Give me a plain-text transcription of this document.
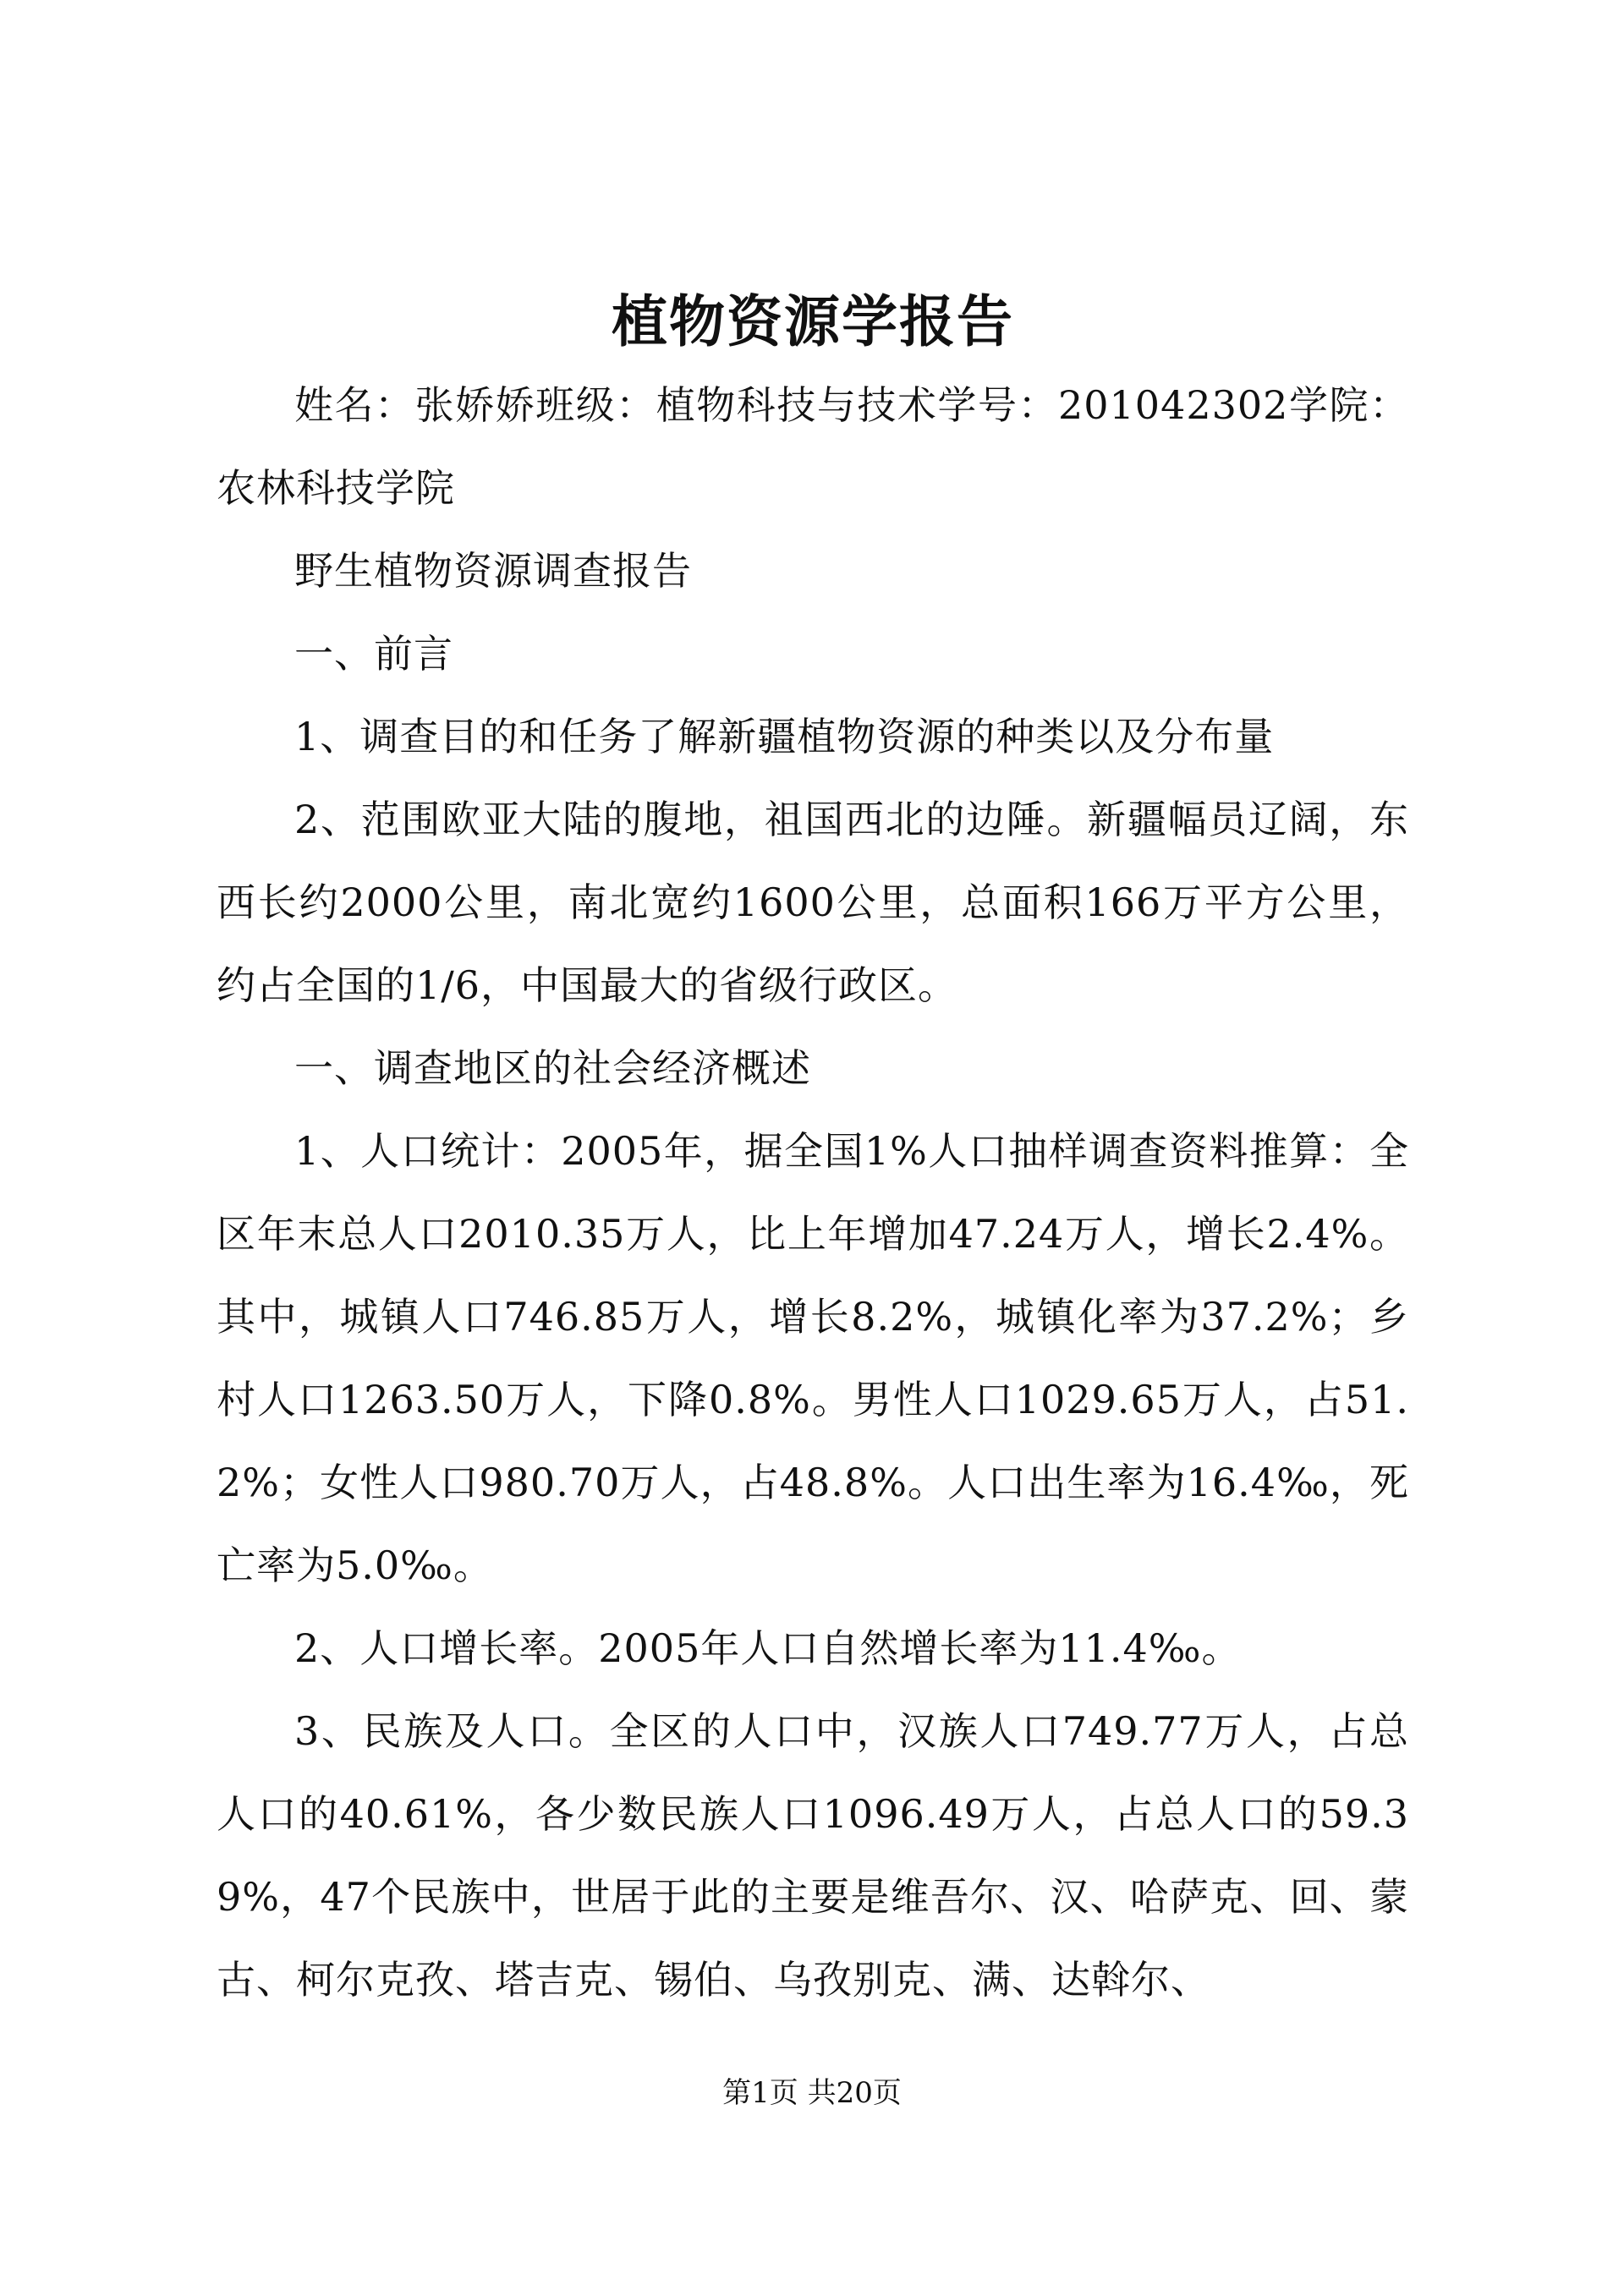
植物资源学报告

姓名：张娇娇班级：植物科技与技术学号：201042302学院：农林科技学院

野生植物资源调查报告

一、前言

1、调查目的和任务了解新疆植物资源的种类以及分布量

2、范围欧亚大陆的腹地，祖国西北的边陲。新疆幅员辽阔，东西长约2000公里，南北宽约1600公里，总面积166万平方公里，约占全国的1/6，中国最大的省级行政区。

一、调查地区的社会经济概述

1、人口统计：2005年，据全国1%人口抽样调查资料推算：全区年末总人口2010.35万人，比上年增加47.24万人，增长2.4%。其中，城镇人口746.85万人，增长8.2%，城镇化率为37.2%；乡村人口1263.50万人，下降0.8%。男性人口1029.65万人，占51.2%；女性人口980.70万人，占48.8%。人口出生率为16.4‰，死亡率为5.0‰。

2、人口增长率。2005年人口自然增长率为11.4‰。

3、民族及人口。全区的人口中，汉族人口749.77万人，占总人口的40.61%，各少数民族人口1096.49万人，占总人口的59.39%，47个民族中，世居于此的主要是维吾尔、汉、哈萨克、回、蒙古、柯尔克孜、塔吉克、锡伯、乌孜别克、满、达斡尔、

第1页 共20页
